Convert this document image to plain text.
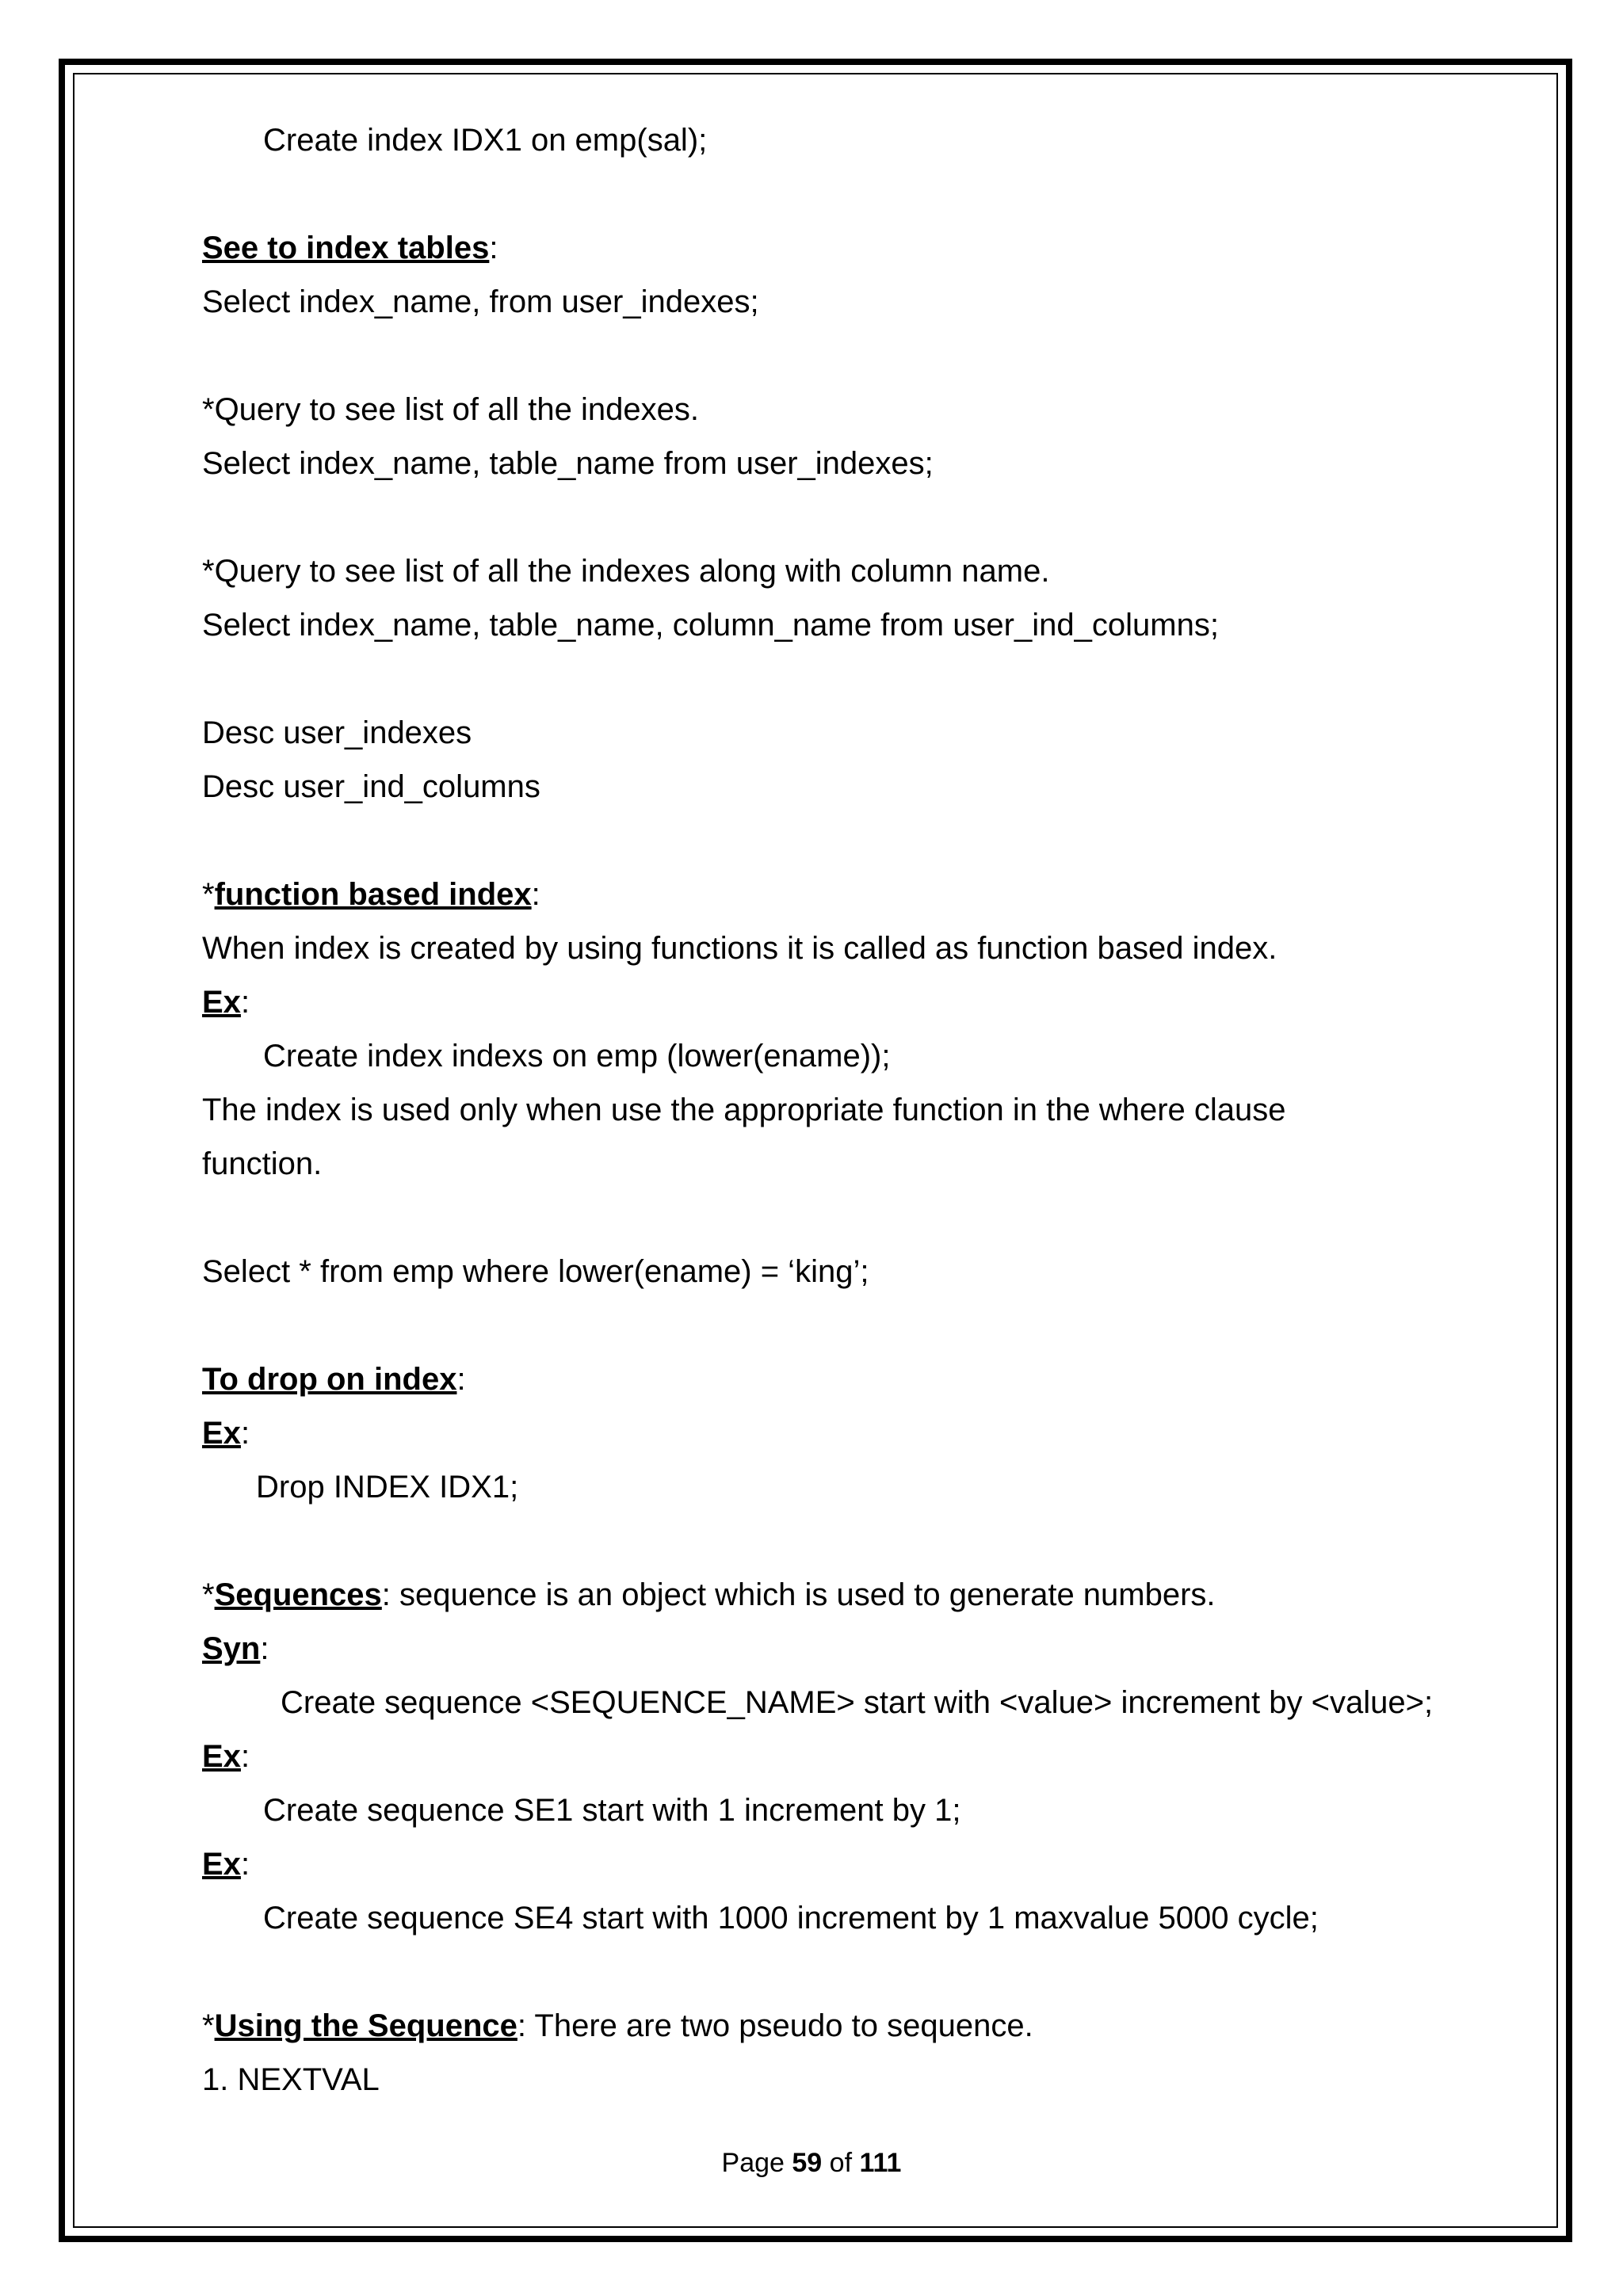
Create index IDX1 on emp(sal);
See to index tables:
Select index_name, from user_indexes;
*Query to see list of all the indexes.
Select index_name, table_name from user_indexes;
*Query to see list of all the indexes along with column name.
Select index_name, table_name, column_name from user_ind_columns;
Desc user_indexes
Desc user_ind_columns
*function based index:
When index is created by using functions it is called as function based index.
Ex:
Create index indexs on emp (lower(ename));
The index is used only when use the appropriate function in the where clause
function.
Select * from emp where lower(ename) = ‘king’;
To drop on index:
Ex:
Drop INDEX IDX1;
*Sequences: sequence is an object which is used to generate numbers.
Syn:
Create sequence <SEQUENCE_NAME> start with <value> increment by <value>;
Ex:
Create sequence SE1 start with 1 increment by 1;
Ex:
Create sequence SE4 start with 1000 increment by 1 maxvalue 5000 cycle;
*Using the Sequence: There are two pseudo to sequence.
1. NEXTVAL
Page 59 of 111
